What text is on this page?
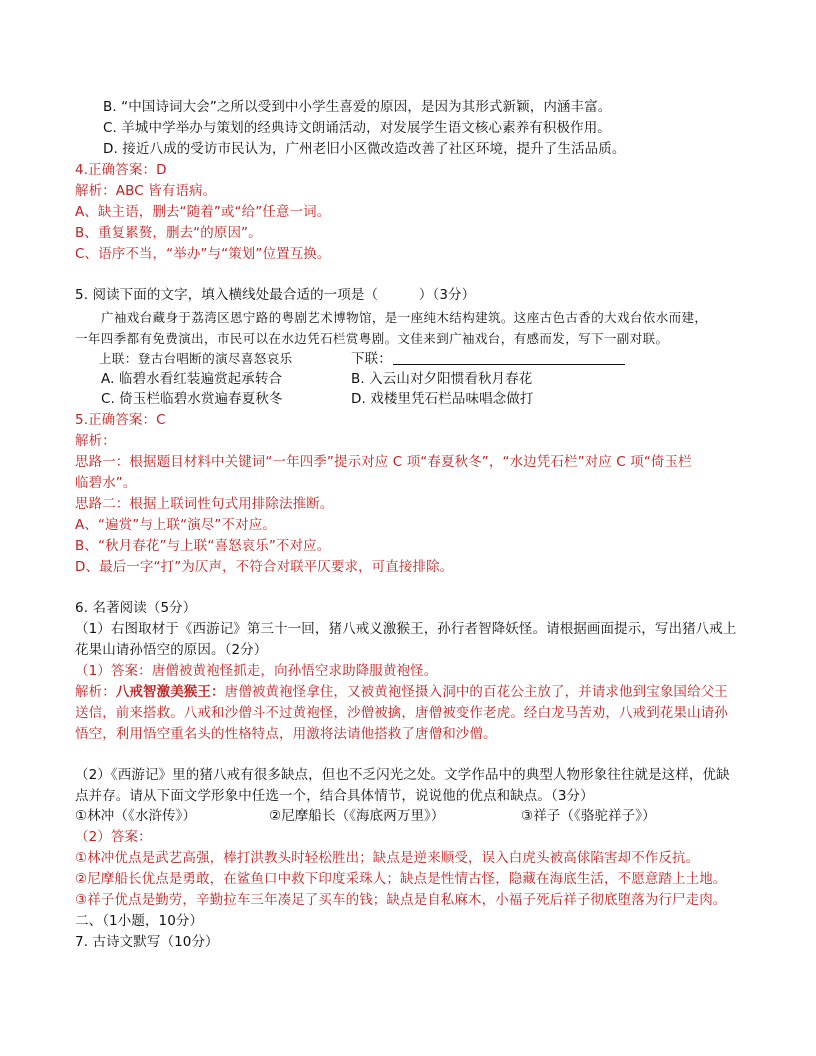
B. “中国诗词大会”之所以受到中小学生喜爱的原因，是因为其形式新颖，内涵丰富。
C. 羊城中学举办与策划的经典诗文朗诵活动，对发展学生语文核心素养有积极作用。
D. 接近八成的受访市民认为，广州老旧小区微改造改善了社区环境，提升了生活品质。
4.正确答案：D
解析：ABC 皆有语病。
A、缺主语，删去“随着”或“给”任意一词。
B、重复累赘，删去“的原因”。
C、语序不当，“举办”与“策划”位置互换。
5. 阅读下面的文字，填入横线处最合适的一项是（　　　）（3分）
广袖戏台藏身于荔湾区恩宁路的粤剧艺术博物馆，是一座纯木结构建筑。这座古色古香的大戏台依水而建，
一年四季都有免费演出，市民可以在水边凭石栏赏粤剧。文佳来到广袖戏台，有感而发，写下一副对联。
上联：登古台唱断的演尽喜怒哀乐	下联：
A. 临碧水看红装遍赏起承转合	B. 入云山对夕阳惯看秋月春花
C. 倚玉栏临碧水赏遍春夏秋冬	D. 戏楼里凭石栏品味唱念做打
5.正确答案：C
解析：
思路一：根据题目材料中关键词“一年四季”提示对应 C 项“春夏秋冬”，“水边凭石栏”对应 C 项“倚玉栏
临碧水”。
思路二：根据上联词性句式用排除法推断。
A、“遍赏”与上联“演尽”不对应。
B、“秋月春花”与上联“喜怒哀乐”不对应。
D、最后一字“打”为仄声，不符合对联平仄要求，可直接排除。
6. 名著阅读（5分）
（1）右图取材于《西游记》第三十一回，猪八戒义激猴王，孙行者智降妖怪。请根据画面提示，写出猪八戒上
花果山请孙悟空的原因。（2分）
（1）答案：唐僧被黄袍怪抓走，向孙悟空求助降服黄袍怪。
解析：八戒智激美猴王：唐僧被黄袍怪拿住，又被黄袍怪摄入洞中的百花公主放了，并请求他到宝象国给父王
送信，前来搭救。八戒和沙僧斗不过黄袍怪，沙僧被擒，唐僧被变作老虎。经白龙马苦劝，八戒到花果山请孙
悟空，利用悟空重名头的性格特点，用激将法请他搭救了唐僧和沙僧。
（2）《西游记》里的猪八戒有很多缺点，但也不乏闪光之处。文学作品中的典型人物形象往往就是这样，优缺
点并存。请从下面文学形象中任选一个，结合具体情节，说说他的优点和缺点。（3分）
①林冲（《水浒传》）	②尼摩船长（《海底两万里》）	③祥子（《骆驼祥子》）
（2）答案：
①林冲优点是武艺高强，棒打洪教头时轻松胜出；缺点是逆来顺受，误入白虎头被高俅陷害却不作反抗。
②尼摩船长优点是勇敢，在鲨鱼口中救下印度采珠人；缺点是性情古怪，隐藏在海底生活，不愿意踏上土地。
③祥子优点是勤劳，辛勤拉车三年凑足了买车的钱；缺点是自私麻木，小福子死后祥子彻底堕落为行尸走肉。
二、（1小题，10分）
7. 古诗文默写（10分）
